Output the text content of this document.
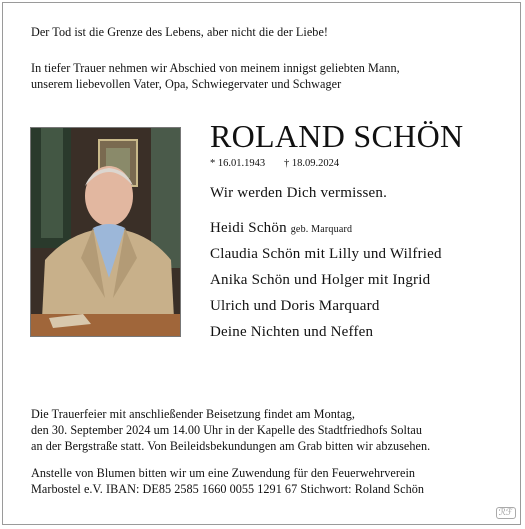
Der Tod ist die Grenze des Lebens, aber nicht die der Liebe!
In tiefer Trauer nehmen wir Abschied von meinem innigst geliebten Mann,
unserem liebevollen Vater, Opa, Schwiegervater und Schwager
ROLAND SCHÖN
* 16.01.1943 † 18.09.2024
Wir werden Dich vermissen.
Heidi Schön geb. Marquard
Claudia Schön mit Lilly und Wilfried
Anika Schön und Holger mit Ingrid
Ulrich und Doris Marquard
Deine Nichten und Neffen
Die Trauerfeier mit anschließender Beisetzung findet am Montag,
den 30. September 2024 um 14.00 Uhr in der Kapelle des Stadtfriedhofs Soltau
an der Bergstraße statt. Von Beileidsbekundungen am Grab bitten wir abzusehen.
Anstelle von Blumen bitten wir um eine Zuwendung für den Feuerwehrverein
Marbostel e.V. IBAN: DE85 2585 1660 0055 1291 67 Stichwort: Roland Schön
ℛℱ
